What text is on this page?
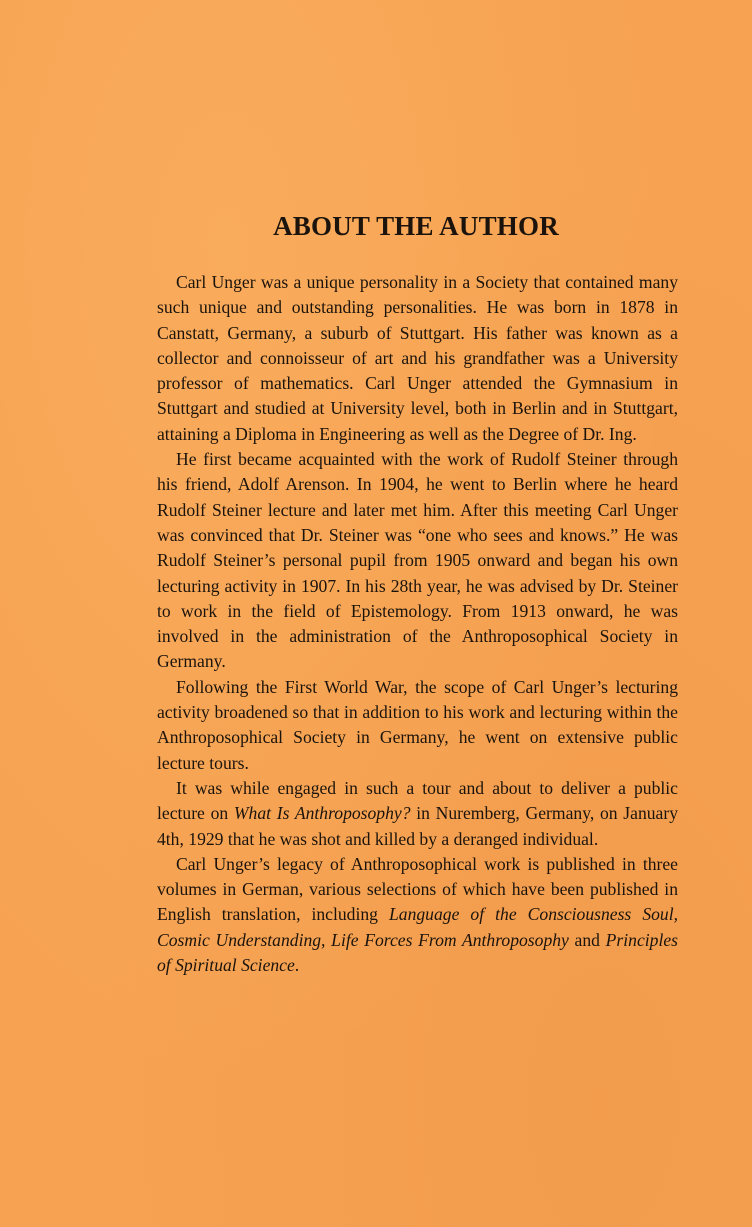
ABOUT THE AUTHOR

Carl Unger was a unique personality in a Society that contained many such unique and outstanding personalities. He was born in 1878 in Canstatt, Germany, a suburb of Stuttgart. His father was known as a collector and connoisseur of art and his grandfather was a University professor of mathematics. Carl Unger attended the Gymnasium in Stuttgart and studied at University level, both in Berlin and in Stuttgart, attaining a Diploma in Engineering as well as the Degree of Dr. Ing.

He first became acquainted with the work of Rudolf Steiner through his friend, Adolf Arenson. In 1904, he went to Berlin where he heard Rudolf Steiner lecture and later met him. After this meeting Carl Unger was convinced that Dr. Steiner was “one who sees and knows.” He was Rudolf Steiner’s personal pupil from 1905 onward and began his own lecturing activity in 1907. In his 28th year, he was advised by Dr. Steiner to work in the field of Epistemology. From 1913 onward, he was involved in the administration of the Anthroposophical Society in Germany.

Following the First World War, the scope of Carl Unger’s lecturing activity broadened so that in addition to his work and lecturing within the Anthroposophical Society in Germany, he went on extensive public lecture tours.

It was while engaged in such a tour and about to deliver a public lecture on What Is Anthroposophy? in Nuremberg, Germany, on January 4th, 1929 that he was shot and killed by a deranged individual.

Carl Unger’s legacy of Anthroposophical work is published in three volumes in German, various selections of which have been published in English translation, including Language of the Consciousness Soul, Cosmic Understanding, Life Forces From Anthroposophy and Principles of Spiritual Science.
